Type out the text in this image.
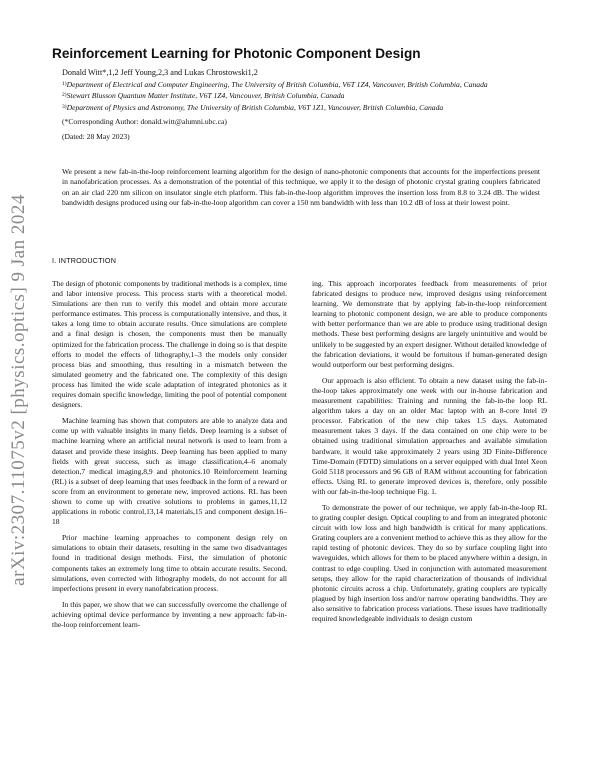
arXiv:2307.11075v2 [physics.optics] 9 Jan 2024
Reinforcement Learning for Photonic Component Design
Donald Witt*,1,2 Jeff Young,2,3 and Lukas Chrostowski1,2
$^{1)}$Department of Electrical and Computer Engineering, The University of British Columbia, V6T 1Z4, Vancouver, British Columbia, Canada
$^{2)}$Stewart Blusson Quantum Matter Institute, V6T 1Z4, Vancouver, British Columbia, Canada
$^{3)}$Department of Physics and Astronomy, The University of British Columbia, V6T 1Z1, Vancouver, British Columbia, Canada
(*Corresponding Author: donald.witt@alumni.ubc.ca)
(Dated: 28 May 2023)

We present a new fab-in-the-loop reinforcement learning algorithm for the design of nano-photonic components that accounts for the imperfections present in nanofabrication processes. As a demonstration of the potential of this technique, we apply it to the design of photonic crystal grating couplers fabricated on an air clad 220 nm silicon on insulator single etch platform. This fab-in-the-loop algorithm improves the insertion loss from 8.8 to 3.24 dB. The widest bandwidth designs produced using our fab-in-the-loop algorithm can cover a 150 nm bandwidth with less than 10.2 dB of loss at their lowest point.

I. INTRODUCTION

The design of photonic components by traditional methods is a complex, time and labor intensive process. This process starts with a theoretical model. Simulations are then run to verify this model and obtain more accurate performance estimates. This process is computationally intensive, and thus, it takes a long time to obtain accurate results. Once simulations are complete and a final design is chosen, the components must then be manually optimized for the fabrication process. The challenge in doing so is that despite efforts to model the effects of lithography,1–3 the models only consider process bias and smoothing, thus resulting in a mismatch between the simulated geometry and the fabricated one. The complexity of this design process has limited the wide scale adaptation of integrated photonics as it requires domain specific knowledge, limiting the pool of potential component designers.

Machine learning has shown that computers are able to analyze data and come up with valuable insights in many fields. Deep learning is a subset of machine learning where an artificial neural network is used to learn from a dataset and provide these insights. Deep learning has been applied to many fields with great success, such as image classification,4–6 anomaly detection,7 medical imaging,8,9 and photonics.10 Reinforcement learning (RL) is a subset of deep learning that uses feedback in the form of a reward or score from an environment to generate new, improved actions. RL has been shown to come up with creative solutions to problems in games,11,12 applications in robotic control,13,14 materials,15 and component design.16–18

Prior machine learning approaches to component design rely on simulations to obtain their datasets, resulting in the same two disadvantages found in traditional design methods. First, the simulation of photonic components takes an extremely long time to obtain accurate results. Second, simulations, even corrected with lithography models, do not account for all imperfections present in every nanofabrication process.

In this paper, we show that we can successfully overcome the challenge of achieving optimal device performance by inventing a new approach: fab-in-the-loop reinforcement learn-

ing. This approach incorporates feedback from measurements of prior fabricated designs to produce new, improved designs using reinforcement learning. We demonstrate that by applying fab-in-the-loop reinforcement learning to photonic component design, we are able to produce components with better performance than we are able to produce using traditional design methods. These best performing designs are largely unintuitive and would be unlikely to be suggested by an expert designer. Without detailed knowledge of the fabrication deviations, it would be fortuitous if human-generated design would outperform our best performing designs.

Our approach is also efficient. To obtain a new dataset using the fab-in-the-loop takes approximately one week with our in-house fabrication and measurement capabilities: Training and running the fab-in-the loop RL algorithm takes a day on an older Mac laptop with an 8-core Intel i9 processor. Fabrication of the new chip takes 1.5 days. Automated measurement takes 3 days. If the data contained on one chip were to be obtained using traditional simulation approaches and available simulation hardware, it would take approximately 2 years using 3D Finite-Difference Time-Domain (FDTD) simulations on a server equipped with dual Intel Xeon Gold 5118 processors and 96 GB of RAM without accounting for fabrication effects. Using RL to generate improved devices is, therefore, only possible with our fab-in-the-loop technique Fig. 1.

To demonstrate the power of our technique, we apply fab-in-the-loop RL to grating coupler design. Optical coupling to and from an integrated photonic circuit with low loss and high bandwidth is critical for many applications. Grating couplers are a convenient method to achieve this as they allow for the rapid testing of photonic devices. They do so by surface coupling light into waveguides, which allows for them to be placed anywhere within a design, in contrast to edge coupling. Used in conjunction with automated measurement setups, they allow for the rapid characterization of thousands of individual photonic circuits across a chip. Unfortunately, grating couplers are typically plagued by high insertion loss and/or narrow operating bandwidths. They are also sensitive to fabrication process variations. These issues have traditionally required knowledgeable individuals to design custom
